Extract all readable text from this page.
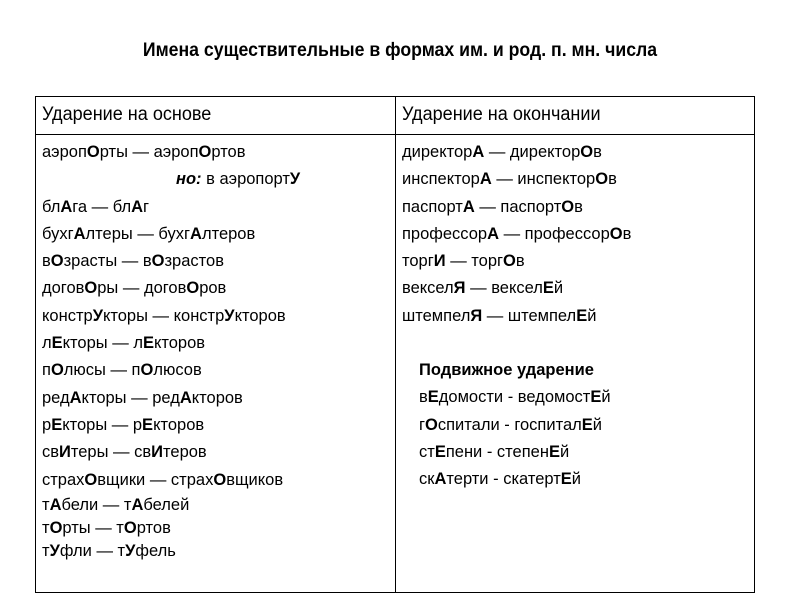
Имена существительные в формах им. и род. п. мн. числа
Ударение на основе	Ударение на окончании
аэропОрты — аэропОртов
но: в аэропортУ
блАга — блАг
бухгАлтеры — бухгАлтеров
вОзрасты — вОзрастов
договОры — договОров
констрУкторы — констрУкторов
лЕкторы — лЕкторов
пОлюсы — пОлюсов
редАкторы — редАкторов
рЕкторы — рЕкторов
свИтеры — свИтеров
страхОвщики — страхОвщиков
тАбели — тАбелей
тОрты — тОртов
тУфли — тУфель
директорА — директорОв
инспекторА — инспекторОв
паспортА — паспортОв
профессорА — профессорОв
торгИ — торгОв
векселЯ — векселЕй
штемпелЯ — штемпелЕй
Подвижное ударение
вЕдомости - ведомостЕй
гОспитали - госпиталЕй
стЕпени - степенЕй
скАтерти - скатертЕй
